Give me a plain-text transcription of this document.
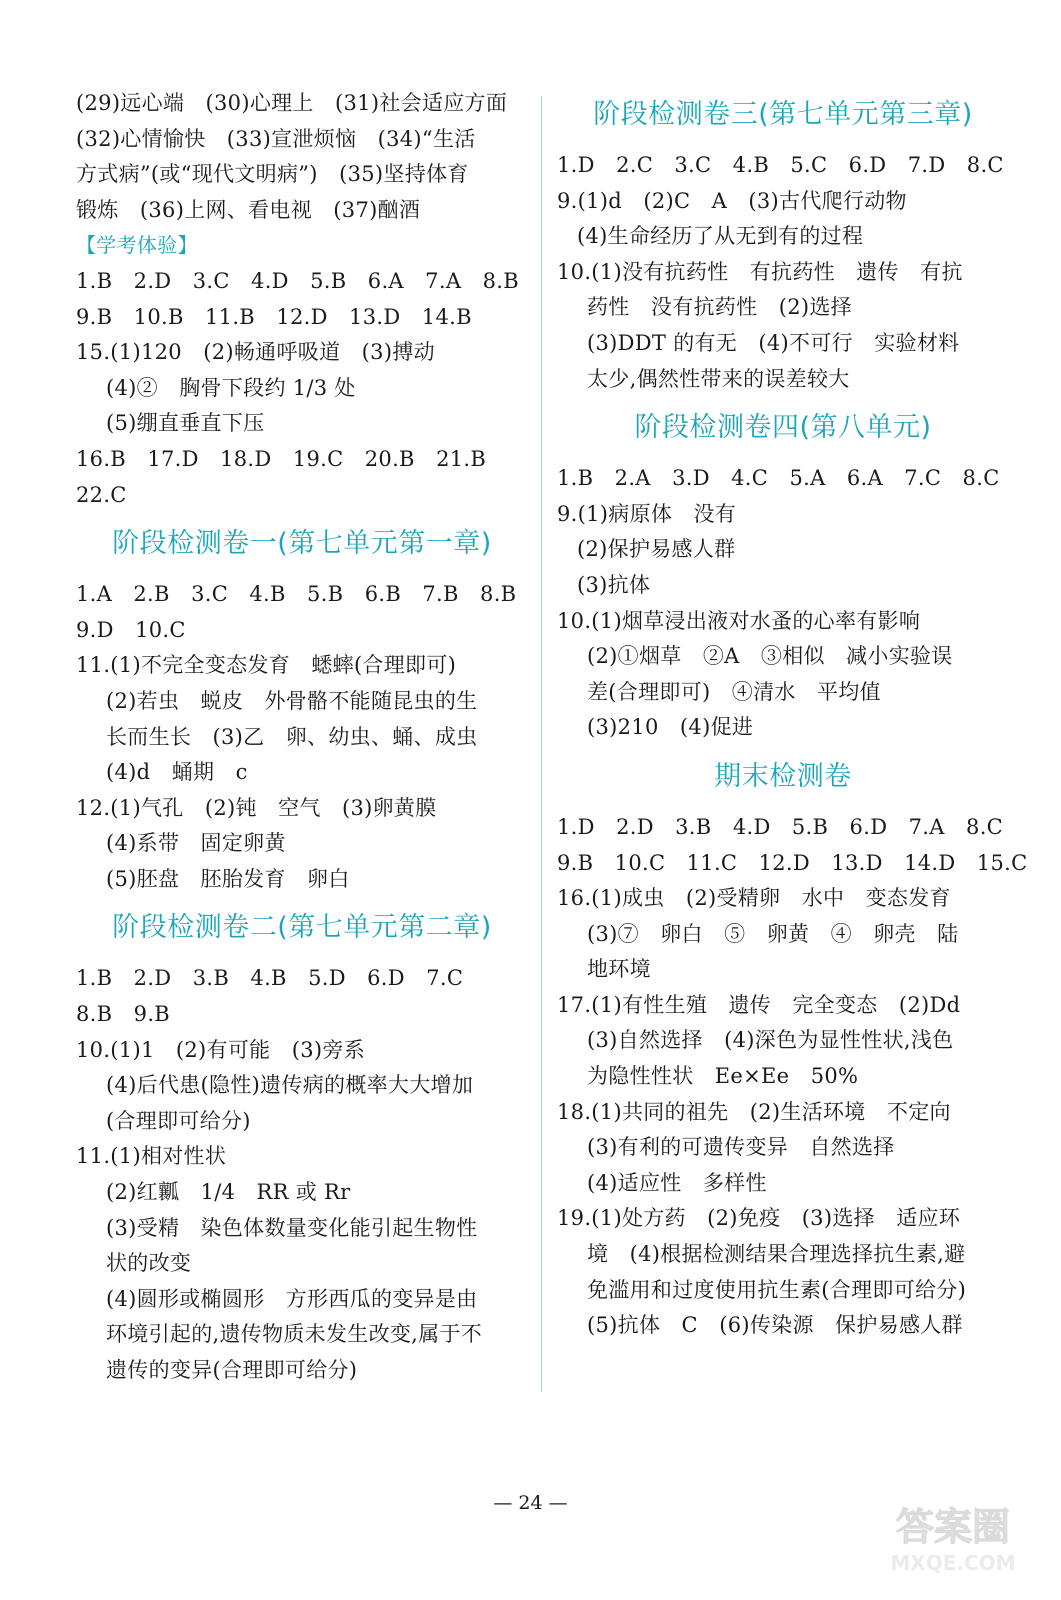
(29)远心端　(30)心理上　(31)社会适应方面
(32)心情愉快　(33)宣泄烦恼　(34)“生活
方式病”(或“现代文明病”)　(35)坚持体育
锻炼　(36)上网、看电视　(37)酗酒
【学考体验】
1.B　2.D　3.C　4.D　5.B　6.A　7.A　8.B
9.B　10.B　11.B　12.D　13.D　14.B
15.(1)120　(2)畅通呼吸道　(3)搏动
(4)②　胸骨下段约 1/3 处
(5)绷直垂直下压
16.B　17.D　18.D　19.C　20.B　21.B
22.C
阶段检测卷一(第七单元第一章)
1.A　2.B　3.C　4.B　5.B　6.B　7.B　8.B
9.D　10.C
11.(1)不完全变态发育　蟋蟀(合理即可)
(2)若虫　蜕皮　外骨骼不能随昆虫的生
长而生长　(3)乙　卵、幼虫、蛹、成虫
(4)d　蛹期　c
12.(1)气孔　(2)钝　空气　(3)卵黄膜
(4)系带　固定卵黄
(5)胚盘　胚胎发育　卵白
阶段检测卷二(第七单元第二章)
1.B　2.D　3.B　4.B　5.D　6.D　7.C
8.B　9.B
10.(1)1　(2)有可能　(3)旁系
(4)后代患(隐性)遗传病的概率大大增加
(合理即可给分)
11.(1)相对性状
(2)红瓤　1/4　RR 或 Rr
(3)受精　染色体数量变化能引起生物性
状的改变
(4)圆形或椭圆形　方形西瓜的变异是由
环境引起的,遗传物质未发生改变,属于不
遗传的变异(合理即可给分)
阶段检测卷三(第七单元第三章)
1.D　2.C　3.C　4.B　5.C　6.D　7.D　8.C
9.(1)d　(2)C　A　(3)古代爬行动物
(4)生命经历了从无到有的过程
10.(1)没有抗药性　有抗药性　遗传　有抗
药性　没有抗药性　(2)选择
(3)DDT 的有无　(4)不可行　实验材料
太少,偶然性带来的误差较大
阶段检测卷四(第八单元)
1.B　2.A　3.D　4.C　5.A　6.A　7.C　8.C
9.(1)病原体　没有
(2)保护易感人群
(3)抗体
10.(1)烟草浸出液对水蚤的心率有影响
(2)①烟草　②A　③相似　减小实验误
差(合理即可)　④清水　平均值
(3)210　(4)促进
期末检测卷
1.D　2.D　3.B　4.D　5.B　6.D　7.A　8.C
9.B　10.C　11.C　12.D　13.D　14.D　15.C
16.(1)成虫　(2)受精卵　水中　变态发育
(3)⑦　卵白　⑤　卵黄　④　卵壳　陆
地环境
17.(1)有性生殖　遗传　完全变态　(2)Dd
(3)自然选择　(4)深色为显性性状,浅色
为隐性性状　Ee×Ee　50%
18.(1)共同的祖先　(2)生活环境　不定向
(3)有利的可遗传变异　自然选择
(4)适应性　多样性
19.(1)处方药　(2)免疫　(3)选择　适应环
境　(4)根据检测结果合理选择抗生素,避
免滥用和过度使用抗生素(合理即可给分)
(5)抗体　C　(6)传染源　保护易感人群
— 24 —
答案圈
MXQE.COM
